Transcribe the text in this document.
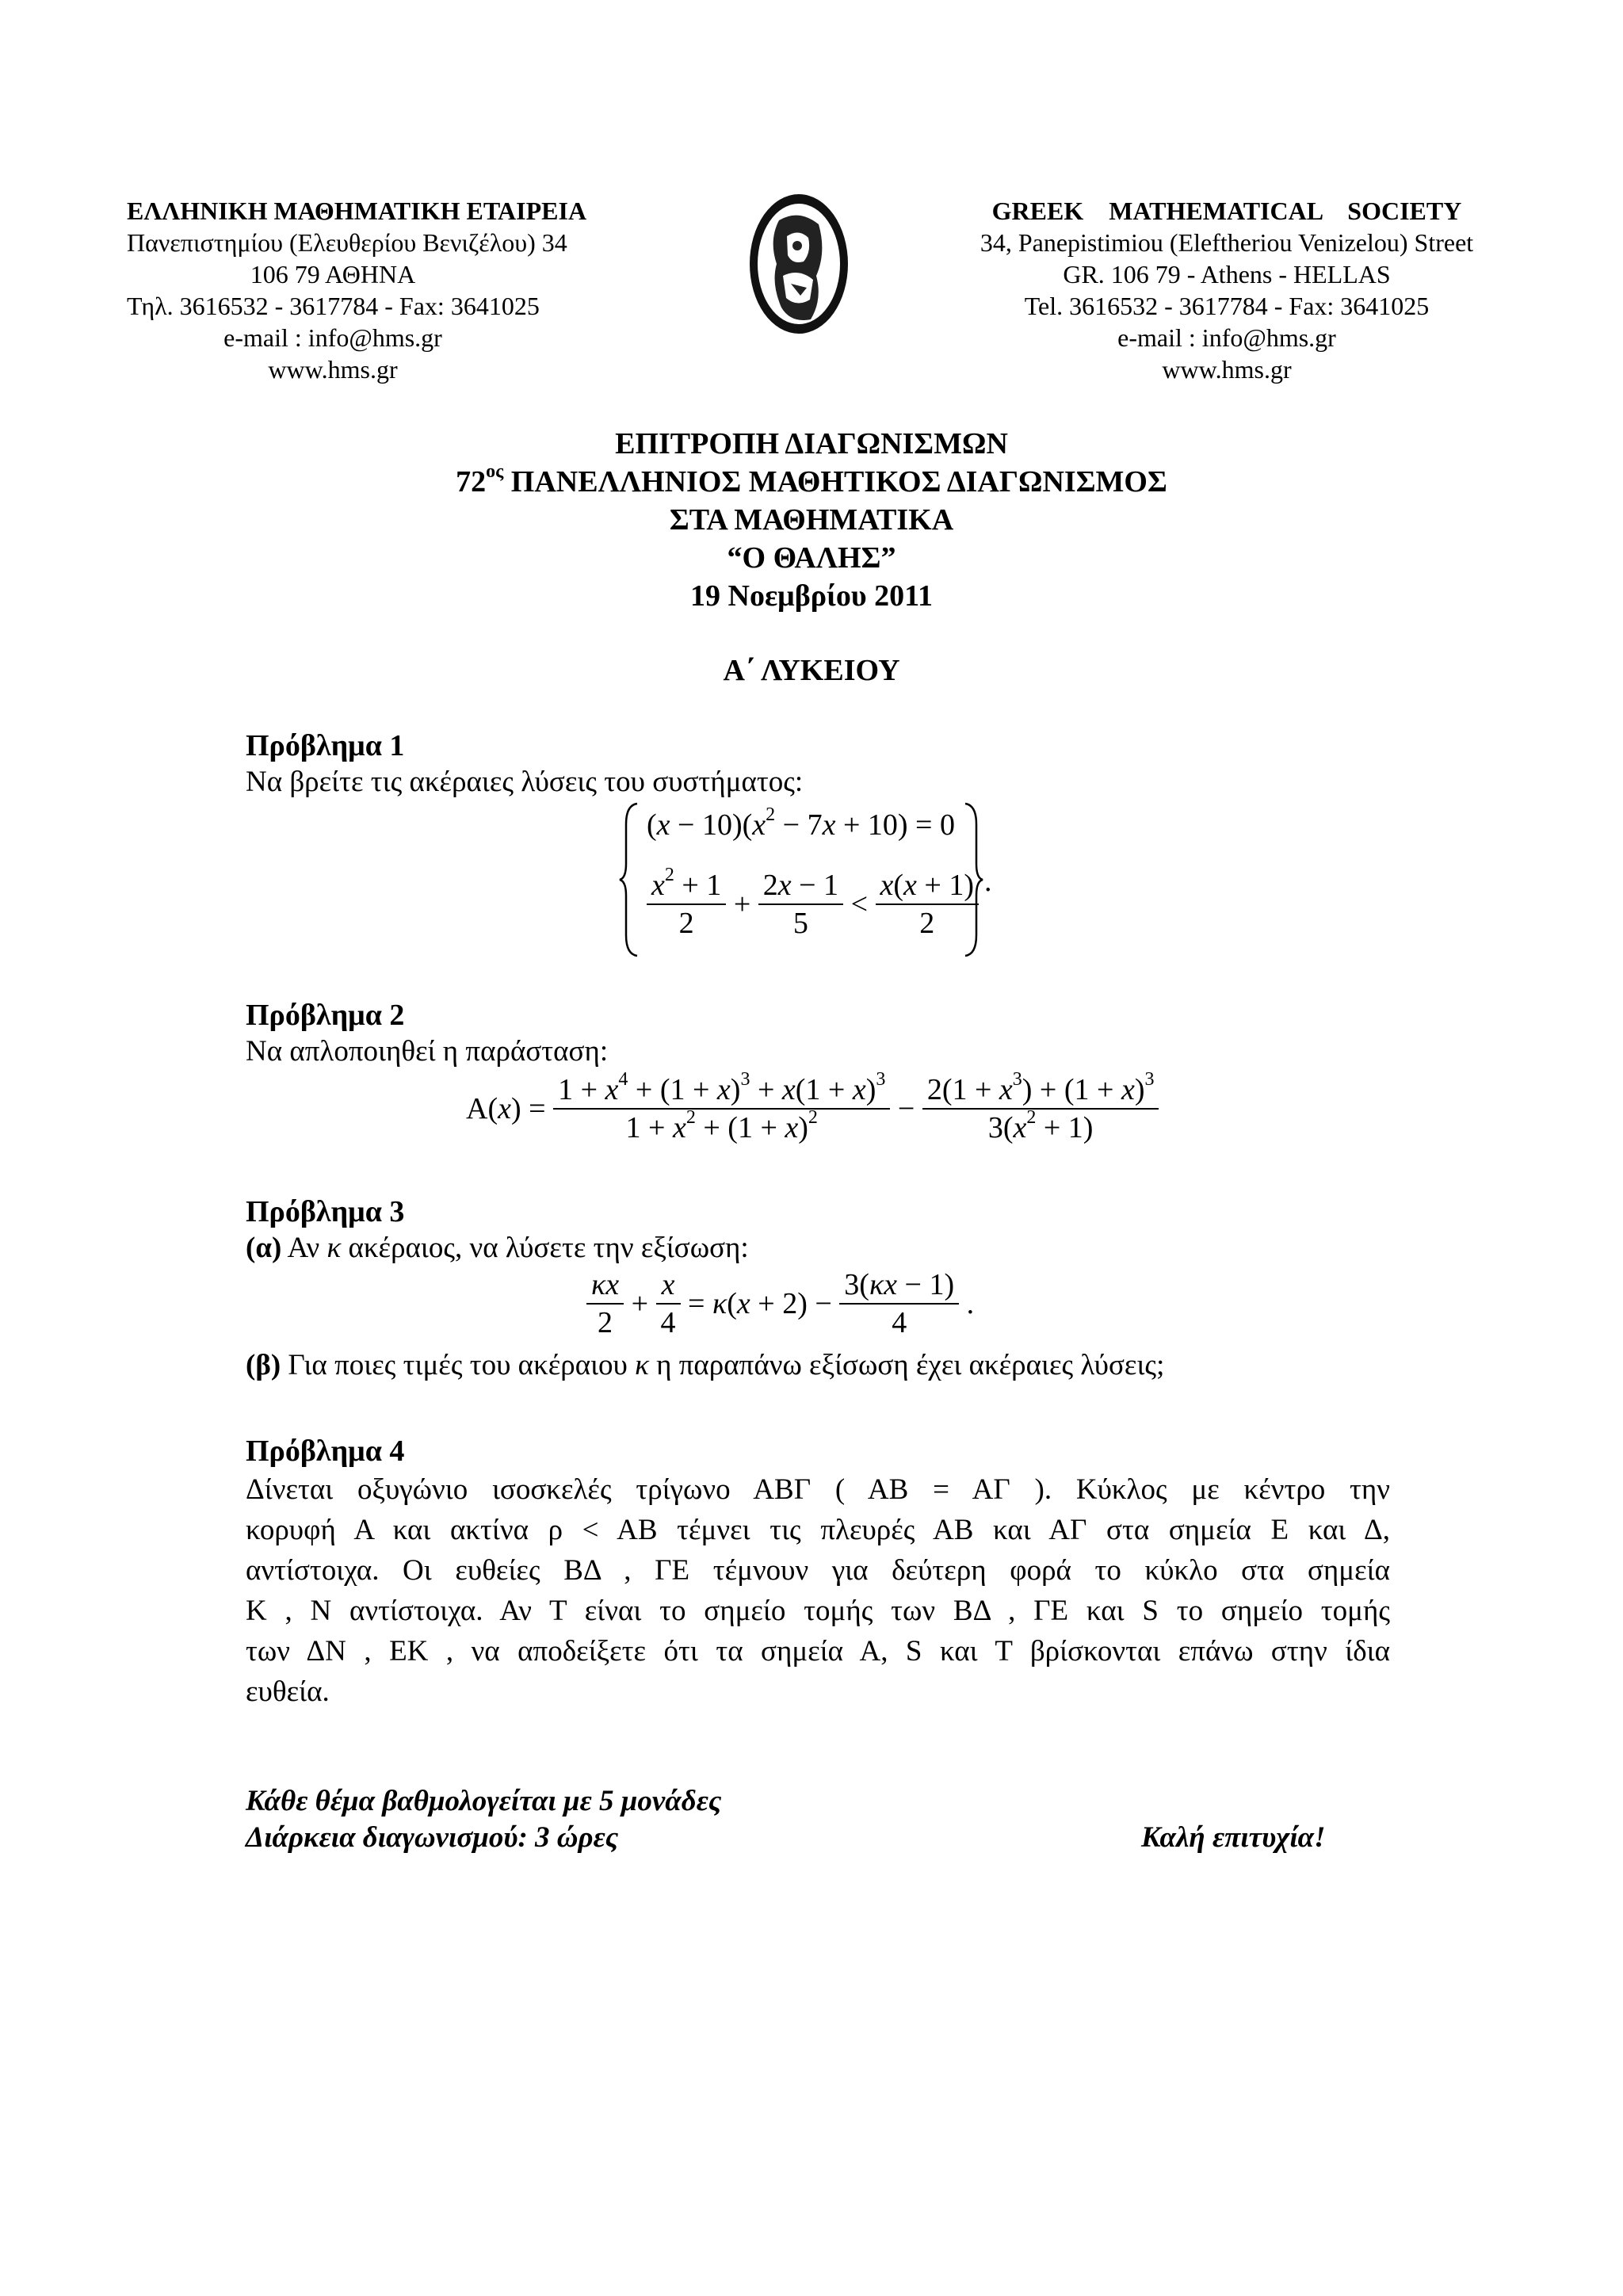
ΕΛΛΗΝΙΚΗ ΜΑΘΗΜΑΤΙΚΗ ΕΤΑΙΡΕΙΑ
Πανεπιστημίου (Ελευθερίου Βενιζέλου) 34
106 79 ΑΘΗΝΑ
Τηλ. 3616532 - 3617784 - Fax: 3641025
e-mail : info@hms.gr
www.hms.gr
GREEK    MATHEMATICAL    SOCIETY
34, Panepistimiou (Εleftheriou Venizelou) Street
GR. 106 79 - Athens - HELLAS
Tel. 3616532 - 3617784 - Fax: 3641025
e-mail : info@hms.gr
www.hms.gr
ΕΠΙΤΡΟΠΗ ΔΙΑΓΩΝΙΣΜΩΝ
$72^{o\varsigma}$ ΠΑΝΕΛΛΗΝΙΟΣ ΜΑΘΗΤΙΚΟΣ ΔΙΑΓΩΝΙΣΜΟΣ
ΣΤΑ ΜΑΘΗΜΑΤΙΚΑ
“Ο ΘΑΛΗΣ”
19 Νοεμβρίου 2011
Α΄ ΛΥΚΕΙΟΥ
Πρόβλημα 1
Να βρείτε τις ακέραιες λύσεις του συστήματος:
$(x - 10)(x^2 - 7x + 10) = 0$
$\frac{x^2 + 1}{2} + \frac{2x - 1}{5} < \frac{x(x + 1)}{2}$ .
Πρόβλημα 2
Να απλοποιηθεί η παράσταση:
$A(x) = \frac{1 + x^4 + (1 + x)^3 + x(1 + x)^3}{1 + x^2 + (1 + x)^2} - \frac{2(1 + x^3) + (1 + x)^3}{3(x^2 + 1)}$
Πρόβλημα 3
(α) Αν κ ακέραιος, να λύσετε την εξίσωση:
$\frac{\kappa x}{2} + \frac{x}{4} = \kappa(x + 2) - \frac{3(\kappa x - 1)}{4}$ .
(β) Για ποιες τιμές του ακέραιου κ η παραπάνω εξίσωση έχει ακέραιες λύσεις;
Πρόβλημα 4
Δίνεται οξυγώνιο ισοσκελές τρίγωνο ΑΒΓ ( ΑΒ = ΑΓ ). Κύκλος με κέντρο την
κορυφή Α και ακτίνα ρ < ΑΒ τέμνει τις πλευρές ΑΒ και ΑΓ στα σημεία Ε και Δ,
αντίστοιχα. Οι ευθείες ΒΔ , ΓΕ τέμνουν για δεύτερη φορά το κύκλο στα σημεία
Κ , Ν αντίστοιχα. Αν Τ είναι το σημείο τομής των ΒΔ , ΓΕ και S το σημείο τομής
των ΔΝ , ΕΚ , να αποδείξετε ότι τα σημεία Α, S και Τ βρίσκονται επάνω στην ίδια
ευθεία.
Κάθε θέμα βαθμολογείται με 5 μονάδες
Διάρκεια διαγωνισμού: 3 ώρες	Καλή επιτυχία!
